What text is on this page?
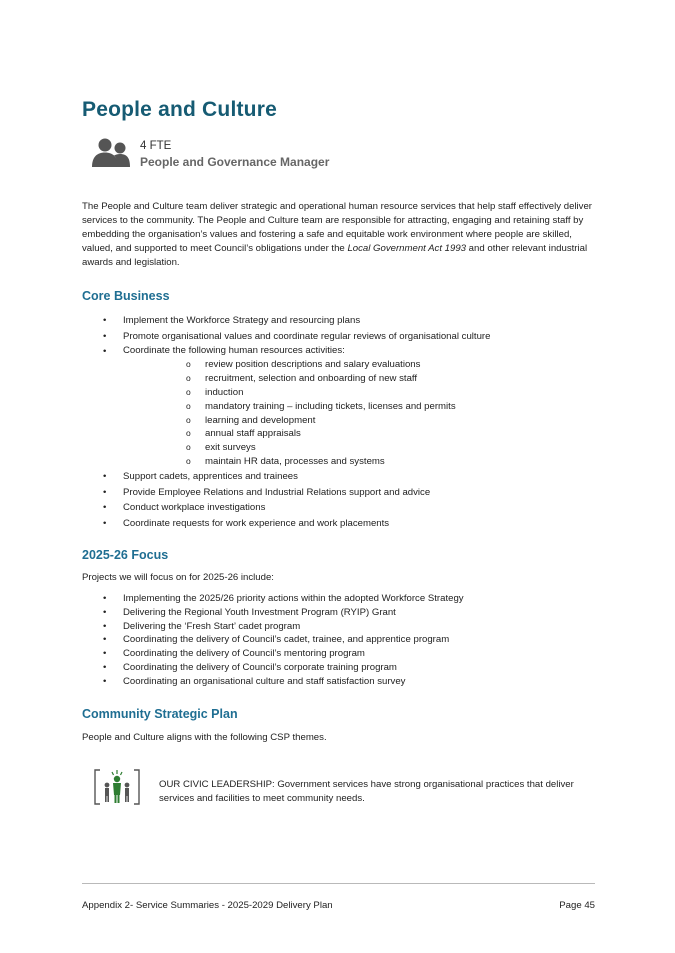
People and Culture
4 FTE
People and Governance Manager

The People and Culture team deliver strategic and operational human resource services that help staff effectively deliver services to the community. The People and Culture team are responsible for attracting, engaging and retaining staff by embedding the organisation’s values and fostering a safe and equitable work environment where people are skilled, valued, and supported to meet Council’s obligations under the Local Government Act 1993 and other relevant industrial awards and legislation.

Core Business
• Implement the Workforce Strategy and resourcing plans
• Promote organisational values and coordinate regular reviews of organisational culture
• Coordinate the following human resources activities:
o review position descriptions and salary evaluations
o recruitment, selection and onboarding of new staff
o induction
o mandatory training – including tickets, licenses and permits
o learning and development
o annual staff appraisals
o exit surveys
o maintain HR data, processes and systems
• Support cadets, apprentices and trainees
• Provide Employee Relations and Industrial Relations support and advice
• Conduct workplace investigations
• Coordinate requests for work experience and work placements
2025-26 Focus

Projects we will focus on for 2025-26 include:

• Implementing the 2025/26 priority actions within the adopted Workforce Strategy
• Delivering the Regional Youth Investment Program (RYIP) Grant
• Delivering the ‘Fresh Start’ cadet program
• Coordinating the delivery of Council’s cadet, trainee, and apprentice program
• Coordinating the delivery of Council’s mentoring program
• Coordinating the delivery of Council’s corporate training program
• Coordinating an organisational culture and staff satisfaction survey
Community Strategic Plan

People and Culture aligns with the following CSP themes.

OUR CIVIC LEADERSHIP: Government services have strong organisational practices that deliver services and facilities to meet community needs.

Appendix 2- Service Summaries - 2025-2029 Delivery Plan	Page 45
